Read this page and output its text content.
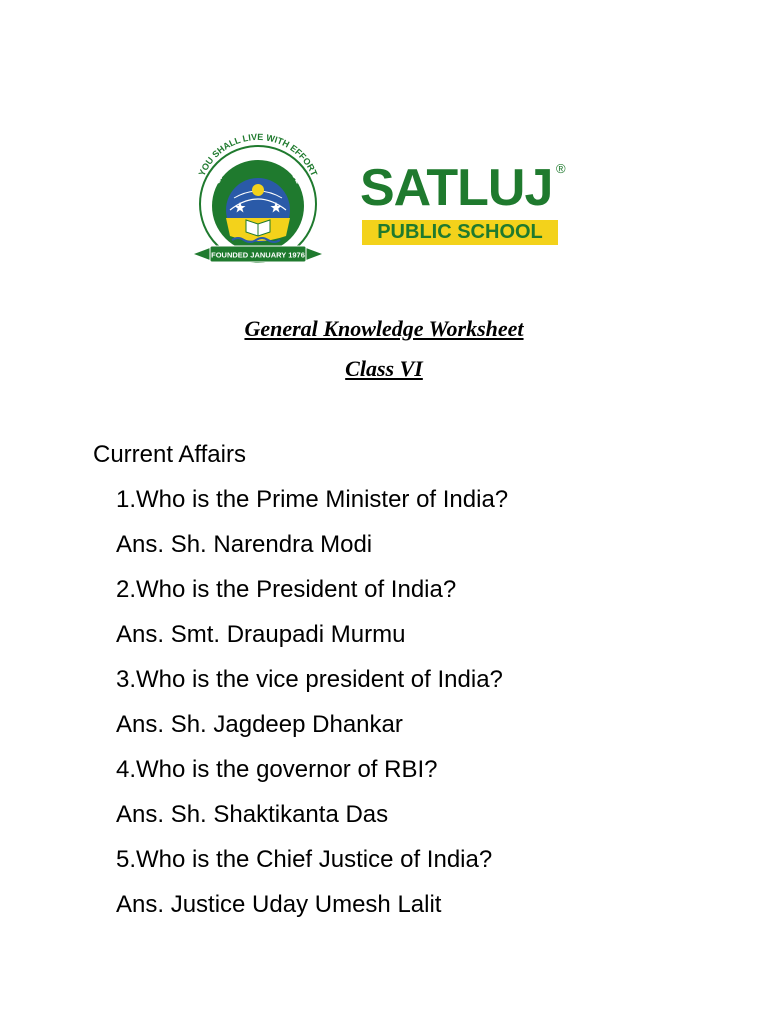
YOU SHALL LIVE WITH EFFORT
SATLUJ PUBLIC SCHOOL
FOUNDED JANUARY 1976
SATLUJ ®
PUBLIC SCHOOL
General Knowledge Worksheet
Class VI
Current Affairs
1.Who is the Prime Minister of India?
Ans. Sh. Narendra Modi
2.Who is the President of India?
Ans. Smt. Draupadi Murmu
3.Who is the vice president of India?
Ans. Sh. Jagdeep Dhankar
4.Who is the governor of RBI?
Ans. Sh. Shaktikanta Das
5.Who is the Chief Justice of India?
Ans. Justice Uday Umesh Lalit
